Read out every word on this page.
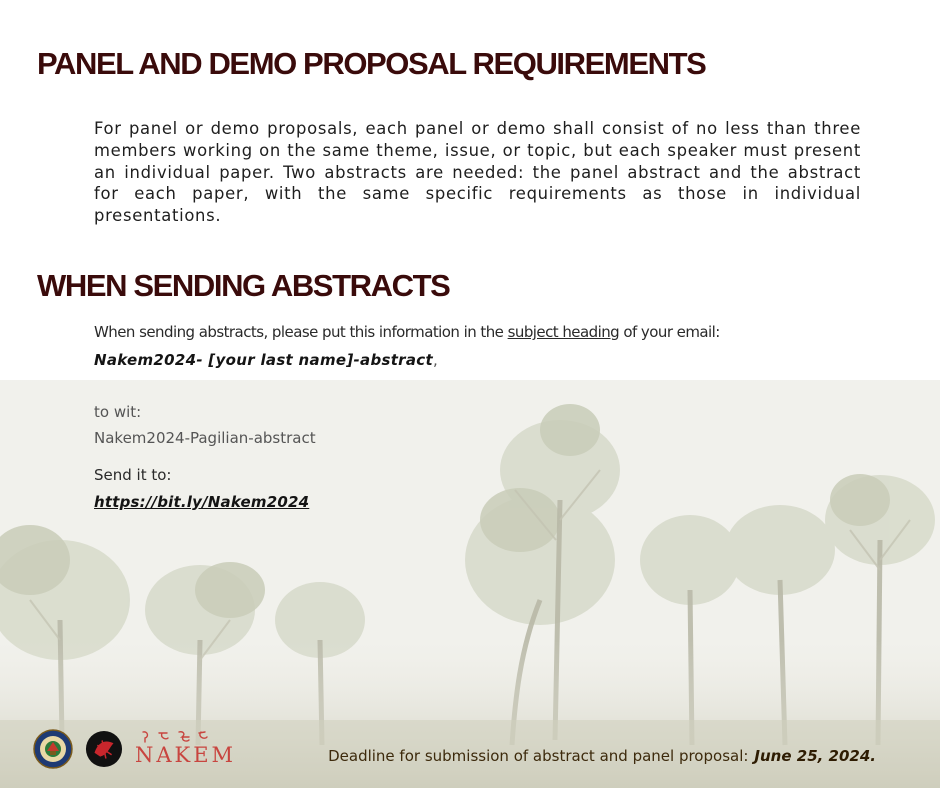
PANEL AND DEMO PROPOSAL REQUIREMENTS

For panel or demo proposals, each panel or demo shall consist of no less than three members working on the same theme, issue, or topic, but each speaker must present an individual paper. Two abstracts are needed: the panel abstract and the abstract for each paper, with the same specific requirements as those in individual presentations.

WHEN SENDING ABSTRACTS

When sending abstracts, please put this information in the subject heading of your email:

Nakem2024- [your last name]-abstract,

to wit:

Nakem2024-Pagilian-abstract

Send it to:

https://bit.ly/Nakem2024
NAKEM	Deadline for submission of abstract and panel proposal: June 25, 2024.
